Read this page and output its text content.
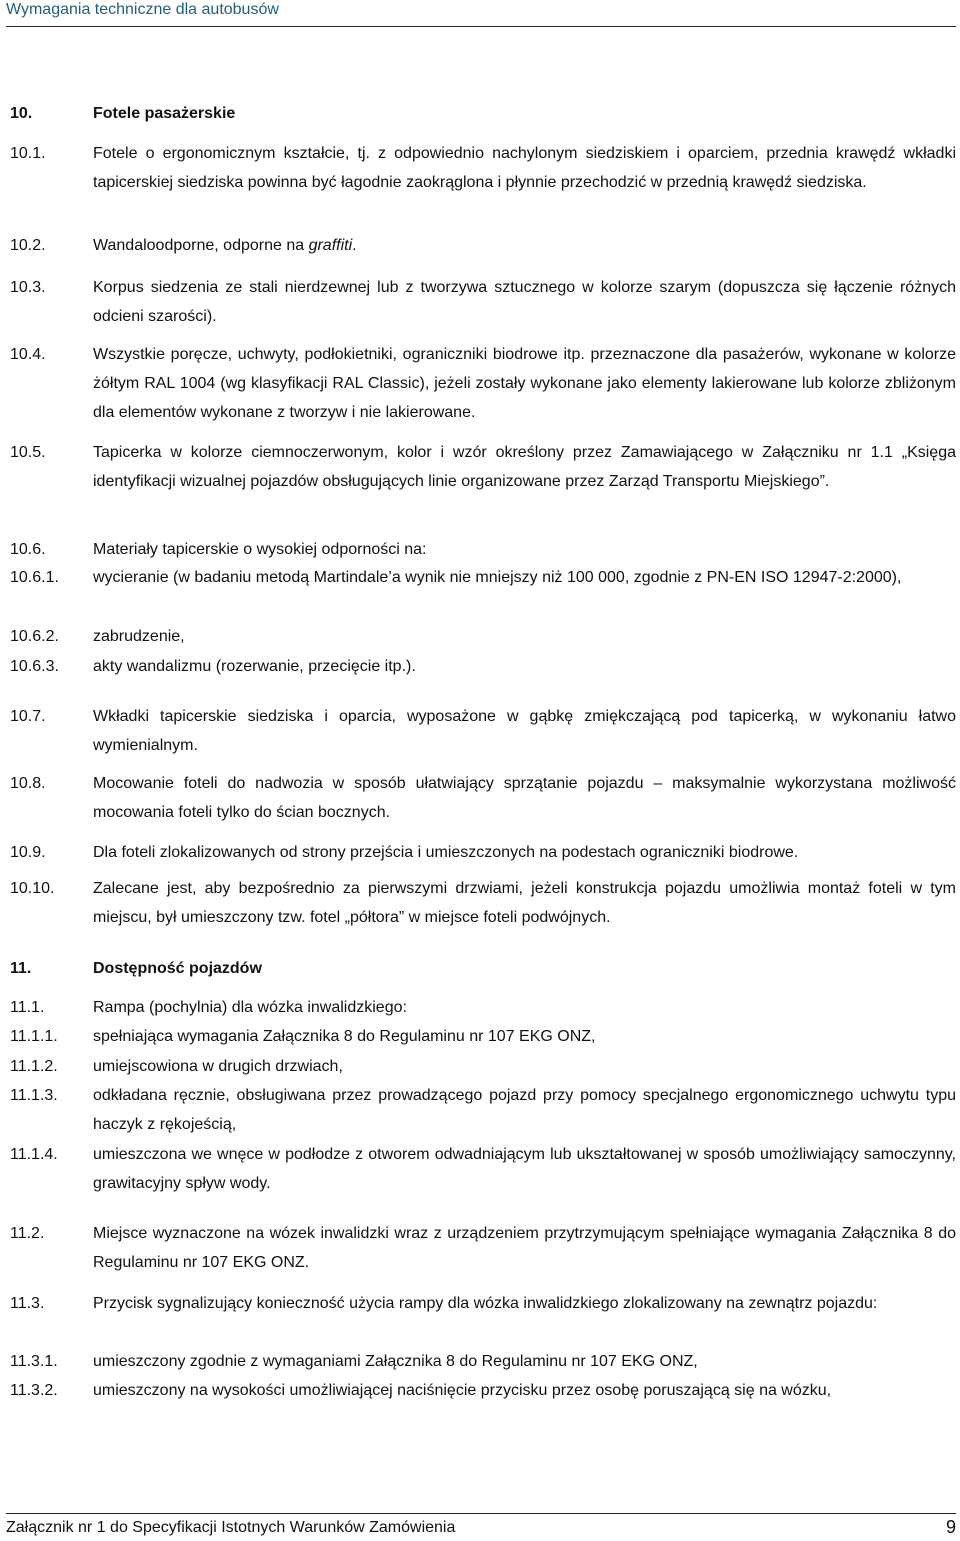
Wymagania techniczne dla autobusów
10.	Fotele pasażerskie
10.1.	Fotele o ergonomicznym kształcie, tj. z odpowiednio nachylonym siedziskiem i oparciem, przednia krawędź wkładki tapicerskiej siedziska powinna być łagodnie zaokrąglona i płynnie przechodzić w przednią krawędź siedziska.
10.2.	Wandaloodporne, odporne na graffiti.
10.3.	Korpus siedzenia ze stali nierdzewnej lub z tworzywa sztucznego w kolorze szarym (dopuszcza się łączenie różnych odcieni szarości).
10.4.	Wszystkie poręcze, uchwyty, podłokietniki, ograniczniki biodrowe itp. przeznaczone dla pasażerów, wykonane w kolorze żółtym RAL 1004 (wg klasyfikacji RAL Classic), jeżeli zostały wykonane jako elementy lakierowane lub kolorze zbliżonym dla elementów wykonane z tworzyw i nie lakierowane.
10.5.	Tapicerka w kolorze ciemnoczerwonym, kolor i wzór określony przez Zamawiającego w Załączniku nr 1.1 „Księga identyfikacji wizualnej pojazdów obsługujących linie organizowane przez Zarząd Transportu Miejskiego”.
10.6.	Materiały tapicerskie o wysokiej odporności na:
10.6.1.	wycieranie (w badaniu metodą Martindale’a wynik nie mniejszy niż 100 000, zgodnie z PN-EN ISO 12947-2:2000),
10.6.2.	zabrudzenie,
10.6.3.	akty wandalizmu (rozerwanie, przecięcie itp.).
10.7.	Wkładki tapicerskie siedziska i oparcia, wyposażone w gąbkę zmiękczającą pod tapicerką, w wykonaniu łatwo wymienialnym.
10.8.	Mocowanie foteli do nadwozia w sposób ułatwiający sprzątanie pojazdu – maksymalnie wykorzystana możliwość mocowania foteli tylko do ścian bocznych.
10.9.	Dla foteli zlokalizowanych od strony przejścia i umieszczonych na podestach ograniczniki biodrowe.
10.10.	Zalecane jest, aby bezpośrednio za pierwszymi drzwiami, jeżeli konstrukcja pojazdu umożliwia montaż foteli w tym miejscu, był umieszczony tzw. fotel „półtora” w miejsce foteli podwójnych.
11.	Dostępność pojazdów
11.1.	Rampa (pochylnia) dla wózka inwalidzkiego:
11.1.1.	spełniająca wymagania Załącznika 8 do Regulaminu nr 107 EKG ONZ,
11.1.2.	umiejscowiona w drugich drzwiach,
11.1.3.	odkładana ręcznie, obsługiwana przez prowadzącego pojazd przy pomocy specjalnego ergonomicznego uchwytu typu haczyk z rękojeścią,
11.1.4.	umieszczona we wnęce w podłodze z otworem odwadniającym lub ukształtowanej w sposób umożliwiający samoczynny, grawitacyjny spływ wody.
11.2.	Miejsce wyznaczone na wózek inwalidzki wraz z urządzeniem przytrzymującym spełniające wymagania Załącznika 8 do Regulaminu nr 107 EKG ONZ.
11.3.	Przycisk sygnalizujący konieczność użycia rampy dla wózka inwalidzkiego zlokalizowany na zewnątrz pojazdu:
11.3.1.	umieszczony zgodnie z wymaganiami Załącznika 8 do Regulaminu nr 107 EKG ONZ,
11.3.2.	umieszczony na wysokości umożliwiającej naciśnięcie przycisku przez osobę poruszającą się na wózku,
Załącznik nr 1 do Specyfikacji Istotnych Warunków Zamówienia	9
